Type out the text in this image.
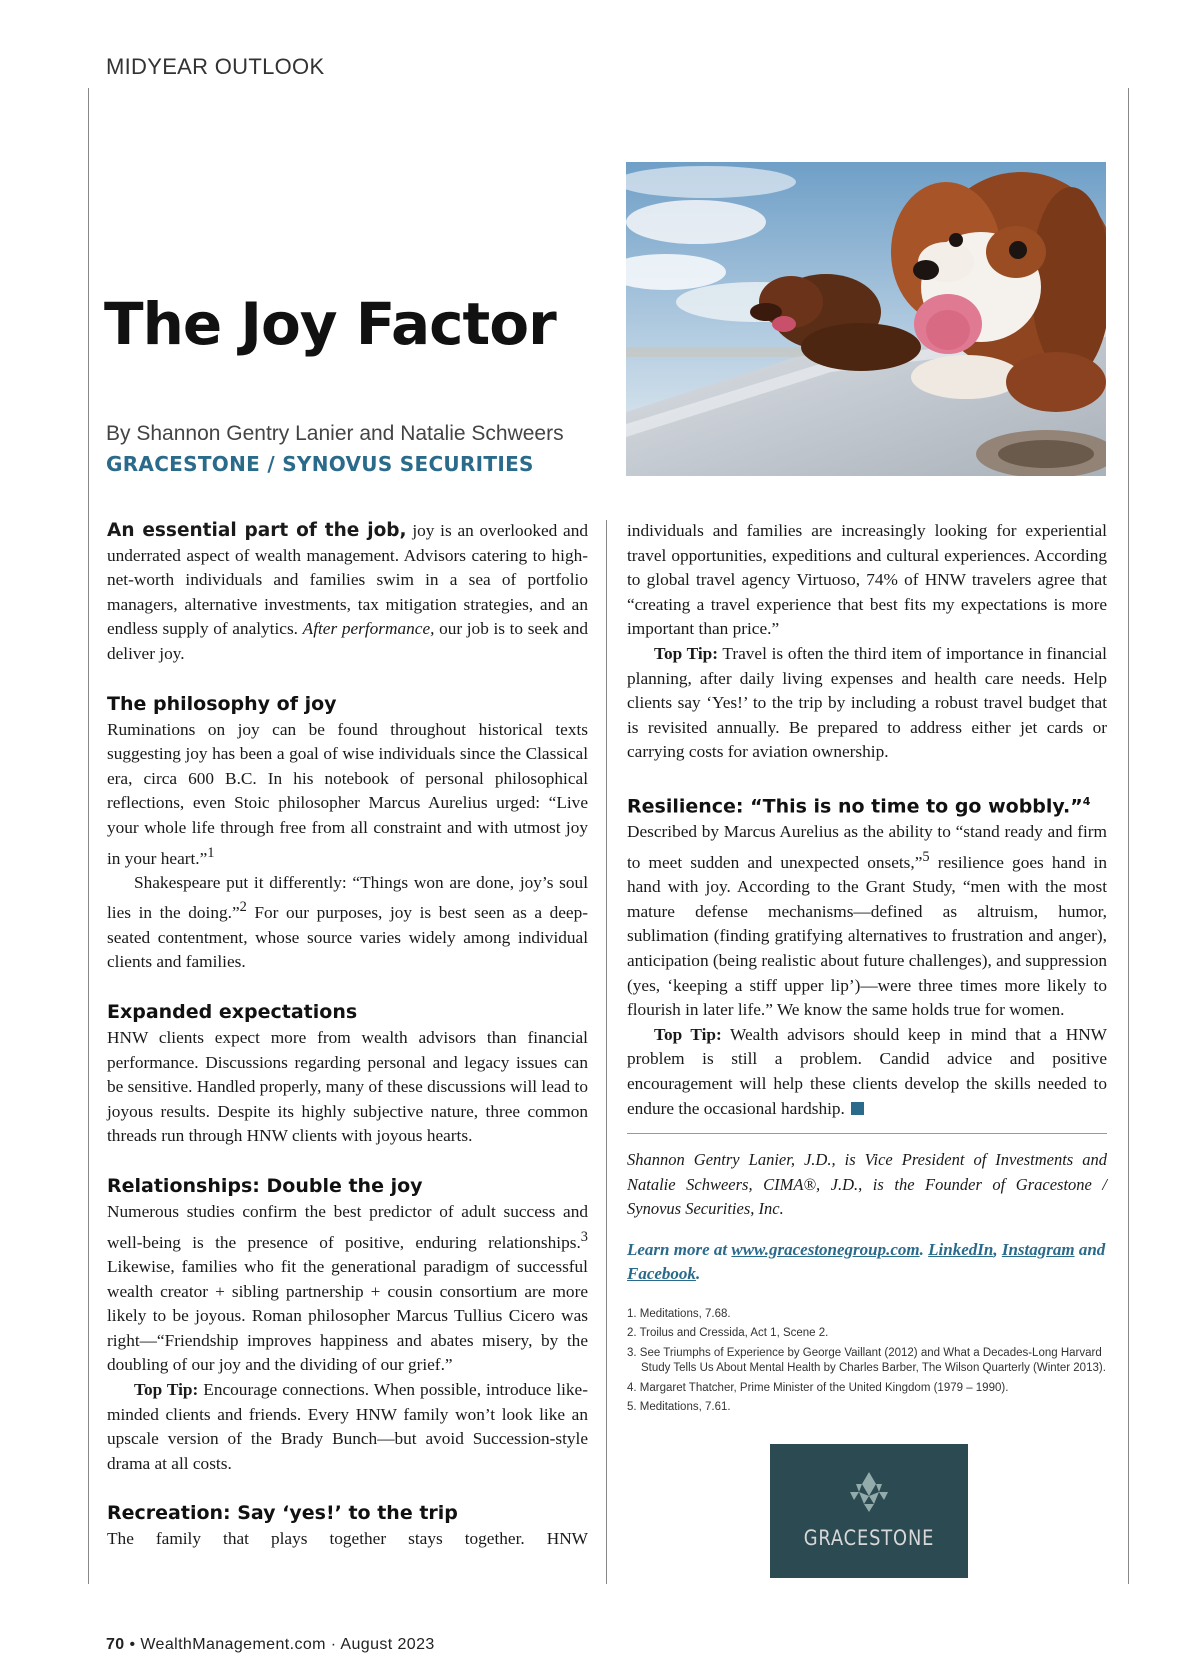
MIDYEAR OUTLOOK
The Joy Factor
By Shannon Gentry Lanier and Natalie Schweers
GRACESTONE / SYNOVUS SECURITIES

An essential part of the job, joy is an overlooked and underrated aspect of wealth management. Advisors catering to high-net-worth individuals and families swim in a sea of portfolio managers, alternative investments, tax mitigation strategies, and an endless supply of analytics. After performance, our job is to seek and deliver joy.

The philosophy of joy

Ruminations on joy can be found throughout historical texts suggesting joy has been a goal of wise individuals since the Classical era, circa 600 B.C. In his notebook of personal philosophical reflections, even Stoic philosopher Marcus Aurelius urged: “Live your whole life through free from all constraint and with utmost joy in your heart.”$^1$

Shakespeare put it differently: “Things won are done, joy’s soul lies in the doing.”$^2$ For our purposes, joy is best seen as a deep-seated contentment, whose source varies widely among individual clients and families.

Expanded expectations

HNW clients expect more from wealth advisors than financial performance. Discussions regarding personal and legacy issues can be sensitive. Handled properly, many of these discussions will lead to joyous results. Despite its highly subjective nature, three common threads run through HNW clients with joyous hearts.

Relationships: Double the joy

Numerous studies confirm the best predictor of adult success and well-being is the presence of positive, enduring relationships.$^3$ Likewise, families who fit the generational paradigm of successful wealth creator + sibling partnership + cousin consortium are more likely to be joyous. Roman philosopher Marcus Tullius Cicero was right—“Friendship improves happiness and abates misery, by the doubling of our joy and the dividing of our grief.”

Top Tip: Encourage connections. When possible, introduce like-minded clients and friends. Every HNW family won’t look like an upscale version of the Brady Bunch—but avoid Succession-style drama at all costs.

Recreation: Say ‘yes!’ to the trip

The family that plays together stays together. HNW

individuals and families are increasingly looking for experiential travel opportunities, expeditions and cultural experiences. According to global travel agency Virtuoso, 74% of HNW travelers agree that “creating a travel experience that best fits my expectations is more important than price.”

Top Tip: Travel is often the third item of importance in financial planning, after daily living expenses and health care needs. Help clients say ‘Yes!’ to the trip by including a robust travel budget that is revisited annually. Be prepared to address either jet cards or carrying costs for aviation ownership.

Resilience: “This is no time to go wobbly.”$^4$

Described by Marcus Aurelius as the ability to “stand ready and firm to meet sudden and unexpected onsets,”$^5$ resilience goes hand in hand with joy. According to the Grant Study, “men with the most mature defense mechanisms—defined as altruism, humor, sublimation (finding gratifying alternatives to frustration and anger), anticipation (being realistic about future challenges), and suppression (yes, ‘keeping a stiff upper lip’)—were three times more likely to flourish in later life.” We know the same holds true for women.

Top Tip: Wealth advisors should keep in mind that a HNW problem is still a problem. Candid advice and positive encouragement will help these clients develop the skills needed to endure the occasional hardship.

Shannon Gentry Lanier, J.D., is Vice President of Investments and Natalie Schweers, CIMA®, J.D., is the Founder of Gracestone / Synovus Securities, Inc.

Learn more at www.gracestonegroup.com. LinkedIn, Instagram and Facebook.

1. Meditations, 7.68.
2. Troilus and Cressida, Act 1, Scene 2.
3. See Triumphs of Experience by George Vaillant (2012) and What a Decades-Long Harvard Study Tells Us About Mental Health by Charles Barber, The Wilson Quarterly (Winter 2013).
4. Margaret Thatcher, Prime Minister of the United Kingdom (1979 – 1990).
5. Meditations, 7.61.
GRACESTONE
70 • WealthManagement.com · August 2023
